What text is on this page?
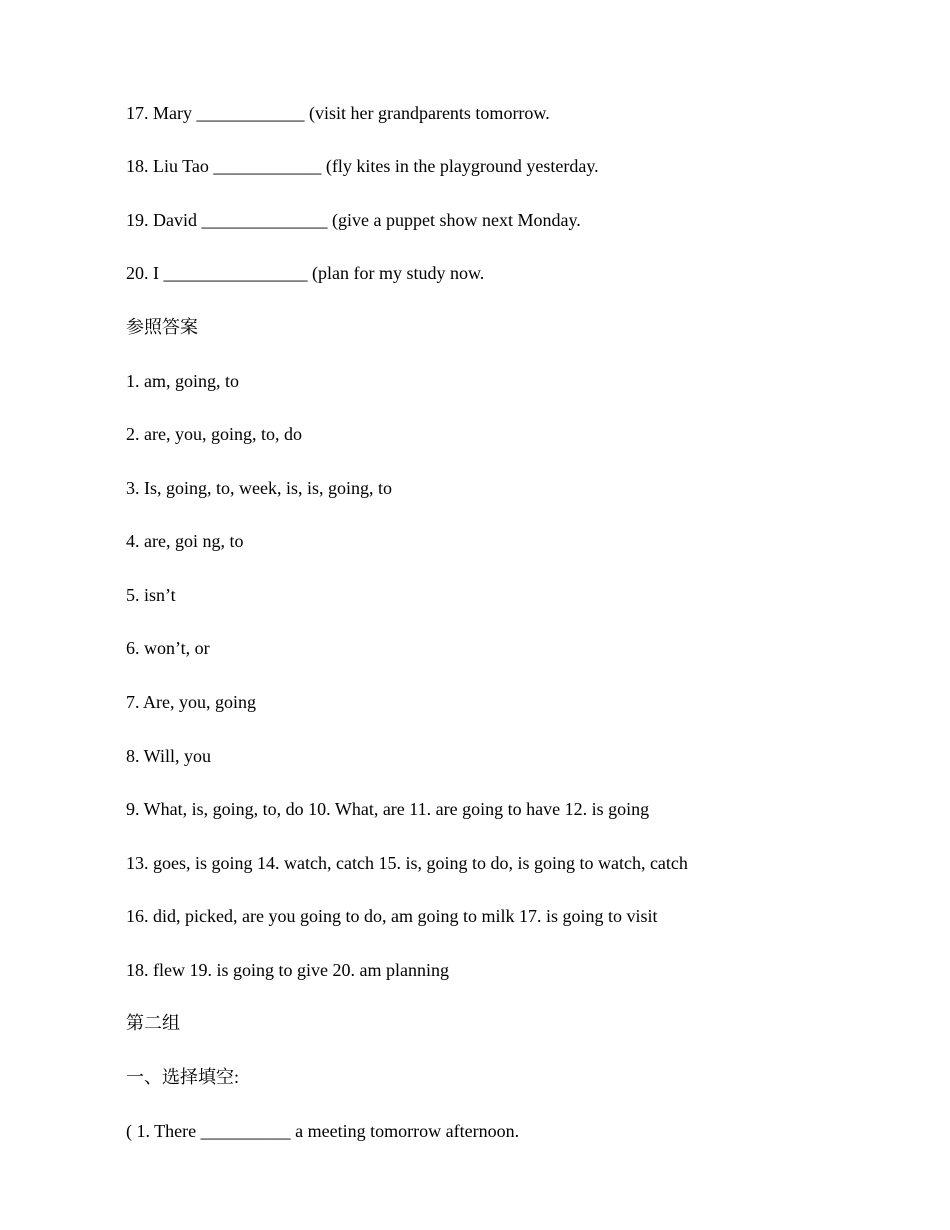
17. Mary ____________ (visit her grandparents tomorrow.

18. Liu Tao ____________ (fly kites in the playground yesterday.

19. David ______________ (give a puppet show next Monday.

20. I ________________ (plan for my study now.

参照答案

1. am, going, to

2. are, you, going, to, do

3. Is, going, to, week, is, is, going, to

4. are, goi ng, to

5. isn’t

6. won’t, or

7. Are, you, going

8. Will, you

9. What, is, going, to, do 10. What, are 11. are going to have 12. is going

13. goes, is going 14. watch, catch 15. is, going to do, is going to watch, catch

16. did, picked, are you going to do, am going to milk 17. is going to visit

18. flew 19. is going to give 20. am planning

第二组

一、选择填空:

( 1. There __________ a meeting tomorrow afternoon.
